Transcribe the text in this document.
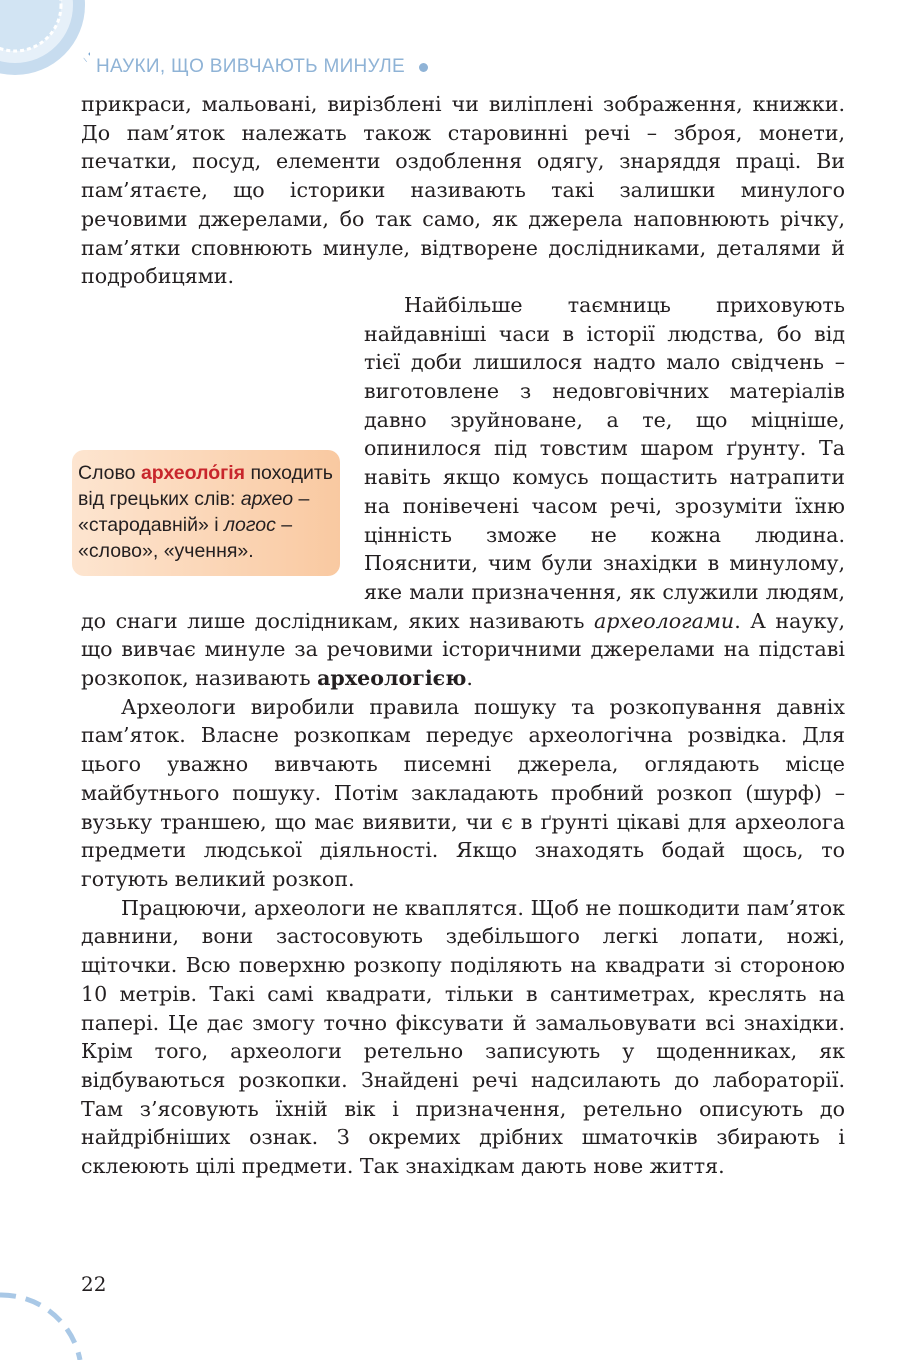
НАУКИ, ЩО ВИВЧАЮТЬ МИНУЛЕ

прикраси, мальовані, вирізблені чи виліплені зображення, книжки. До пам’яток належать також старовинні речі – зброя, монети, печатки, посуд, елементи оздоблення одягу, знаряддя праці. Ви пам’ятаєте, що історики називають такі залишки минулого речовими джерелами, бо так само, як джерела наповнюють річку, пам’ятки сповнюють минуле, відтворене дослідниками, деталями й подробицями.

Найбільше таємниць приховують найдавніші часи в історії людства, бо від тієї доби лишилося надто мало свідчень – виготовлене з недовговічних матеріалів давно зруйноване, а те, що міцніше, опинилося під товстим шаром ґрунту. Та навіть якщо комусь пощастить натрапити на понівечені часом речі, зрозуміти їхню цінність зможе не кожна людина. Пояснити, чим були знахідки в минулому, яке мали призначення, як служили людям, до снаги лише дослідникам, яких називають археологами. А науку, що вивчає минуле за речовими історичними джерелами на підставі розкопок, називають археологією.

Археологи виробили правила пошуку та розкопування давніх пам’яток. Власне розкопкам передує археологічна розвідка. Для цього уважно вивчають писемні джерела, оглядають місце майбутнього пошуку. Потім закладають пробний розкоп (шурф) – вузьку траншею, що має виявити, чи є в ґрунті цікаві для археолога предмети людської діяльності. Якщо знаходять бодай щось, то готують великий розкоп.

Працюючи, археологи не кваплятся. Щоб не пошкодити пам’яток давнини, вони застосовують здебільшого легкі лопати, ножі, щіточки. Всю поверхню розкопу поділяють на квадрати зі стороною 10 метрів. Такі самі квадрати, тільки в сантиметрах, креслять на папері. Це дає змогу точно фіксувати й замальовувати всі знахідки. Крім того, археологи ретельно записують у щоденниках, як відбуваються розкопки. Знайдені речі надсилають до лабораторії. Там з’ясовують їхній вік і призначення, ретельно описують до найдрібніших ознак. З окремих дрібних шматочків збирають і склеюють цілі предмети. Так знахідкам дають нове життя.

Слово археоло́гія походить від грецьких слів: архео – «стародавній» і логос – «слово», «учення».
22
